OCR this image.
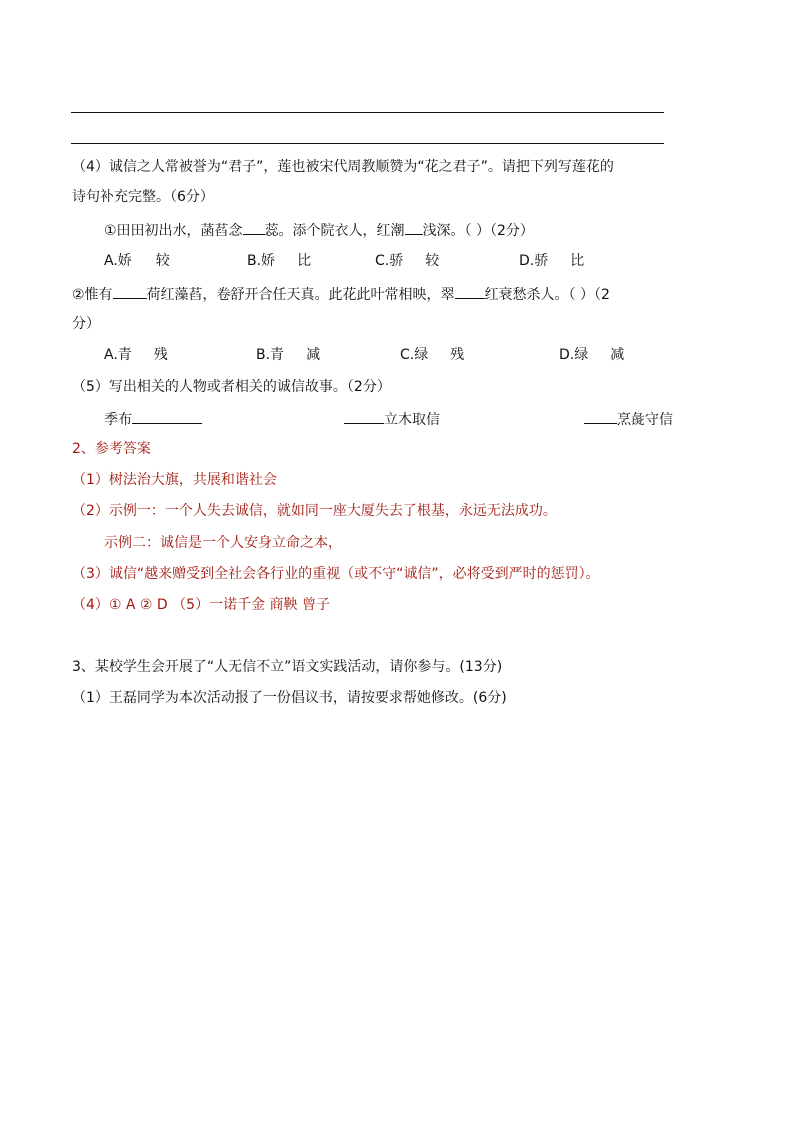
（4）诚信之人常被誉为“君子”，莲也被宋代周教顺赞为“花之君子”。请把下列写莲花的
诗句补充完整。（6分）
①田田初出水，菡萏念 蕊。添个院衣人，红潮 浅深。（ ）（2分）
A.娇 较	B.娇 比	C.骄 较	D.骄 比
②惟有 荷红藻萏，卷舒开合任天真。此花此叶常相映，翠 红衰愁杀人。（ ）（2
分）
A.青 残	B.青 减	C.绿 残	D.绿 减
（5）写出相关的人物或者相关的诚信故事。（2分）
季布	立木取信	烹彘守信
2、参考答案
（1）树法治大旗，共展和谐社会
（2）示例一：一个人失去诚信，就如同一座大厦失去了根基，永远无法成功。
示例二：诚信是一个人安身立命之本，
（3）诚信“越来赠受到全社会各行业的重视（或不守“诚信”，必将受到严时的惩罚）。
（4）① A ② D （5）一诺千金 商鞅 曾子
3、某校学生会开展了“人无信不立”语文实践活动，请你参与。(13分)
（1）王磊同学为本次活动报了一份倡议书，请按要求帮她修改。(6分)
